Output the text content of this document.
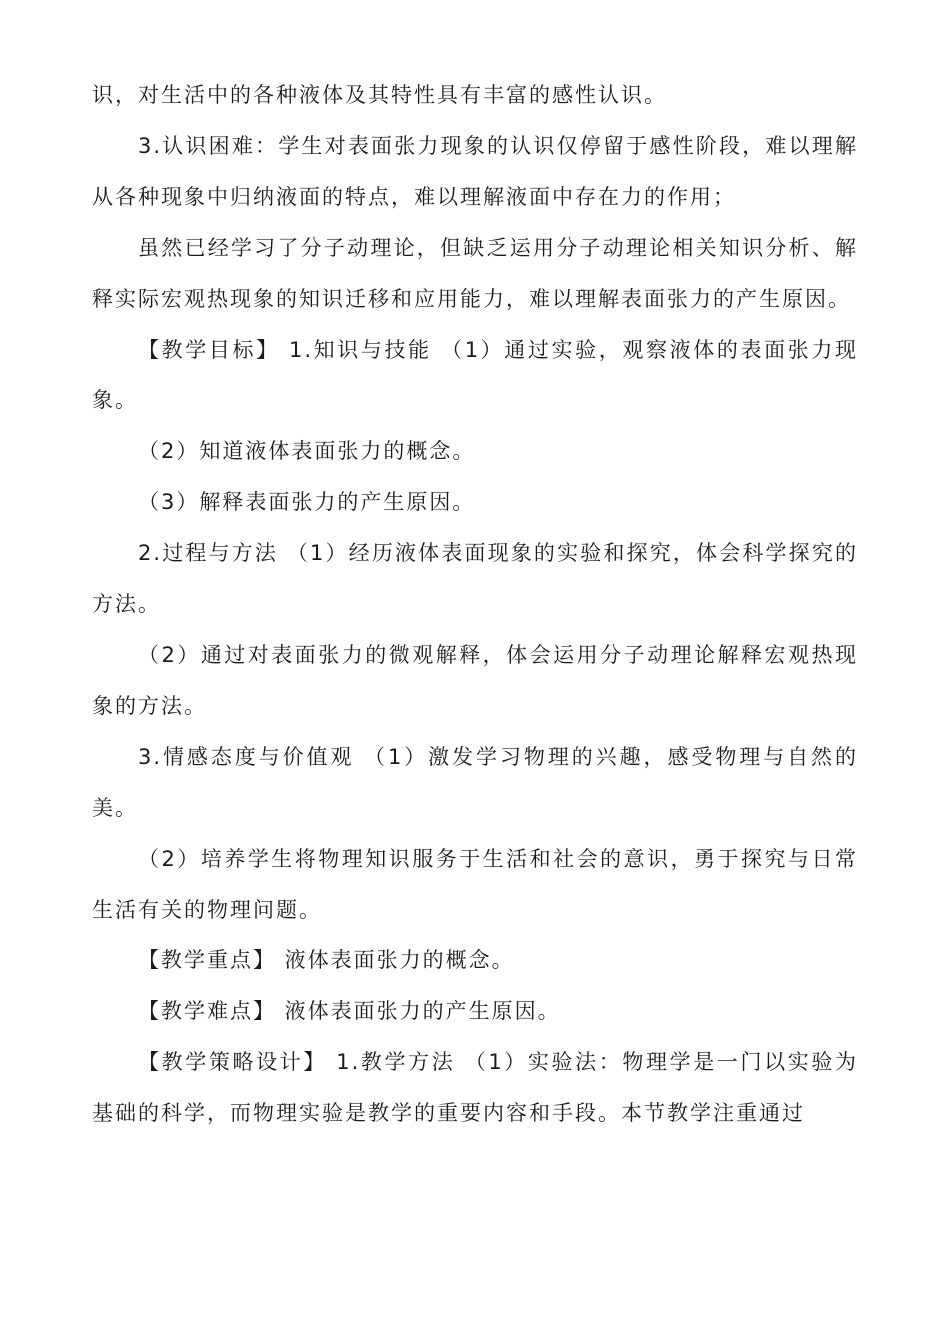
识，对生活中的各种液体及其特性具有丰富的感性认识。

3.认识困难：学生对表面张力现象的认识仅停留于感性阶段，难以理解从各种现象中归纳液面的特点，难以理解液面中存在力的作用；

虽然已经学习了分子动理论，但缺乏运用分子动理论相关知识分析、解释实际宏观热现象的知识迁移和应用能力，难以理解表面张力的产生原因。

【教学目标】 1.知识与技能 （1）通过实验，观察液体的表面张力现象。

（2）知道液体表面张力的概念。

（3）解释表面张力的产生原因。

2.过程与方法 （1）经历液体表面现象的实验和探究，体会科学探究的方法。

（2）通过对表面张力的微观解释，体会运用分子动理论解释宏观热现象的方法。

3.情感态度与价值观 （1）激发学习物理的兴趣，感受物理与自然的美。

（2）培养学生将物理知识服务于生活和社会的意识，勇于探究与日常生活有关的物理问题。

【教学重点】 液体表面张力的概念。

【教学难点】 液体表面张力的产生原因。

【教学策略设计】 1.教学方法 （1）实验法：物理学是一门以实验为基础的科学，而物理实验是教学的重要内容和手段。本节教学注重通过
